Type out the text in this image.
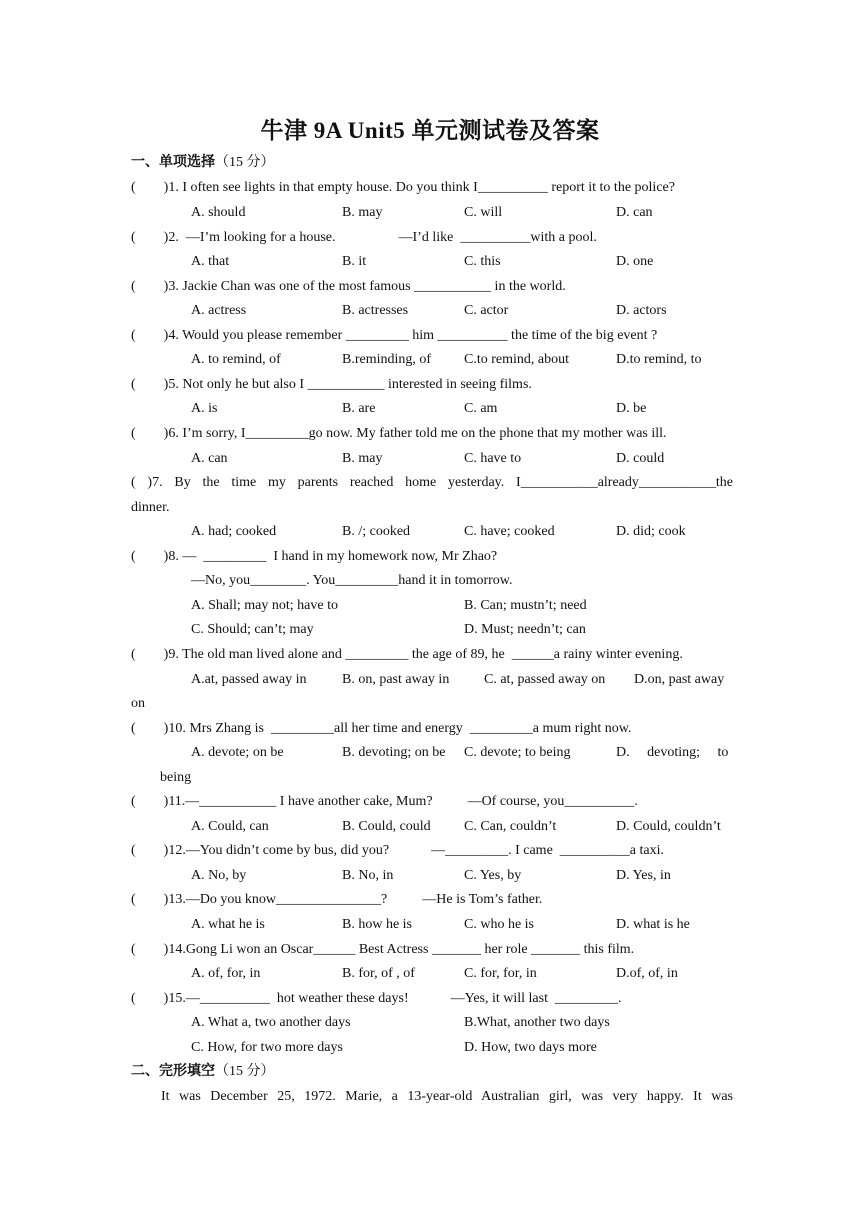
牛津 9A Unit5 单元测试卷及答案
一、单项选择（15 分）
(        )1. I often see lights in that empty house. Do you think I__________ report it to the police?
A. should	B. may	C. will	D. can
(        )2.  —I’m looking for a house.                  —I’d like  __________with a pool.
A. that	B. it	C. this	D. one
(        )3. Jackie Chan was one of the most famous ___________ in the world.
A. actress	B. actresses	C. actor	D. actors
(        )4. Would you please remember _________ him __________ the time of the big event ?
A. to remind, of	B.reminding, of C.to remind, about	D.to remind, to
(        )5. Not only he but also I ___________ interested in seeing films.
A. is	B. are	C. am	D. be
(        )6. I’m sorry, I_________go now. My father told me on the phone that my mother was ill.
A. can	B. may	C. have to	D. could
( )7. By the time my parents reached home yesterday. I___________already___________the
dinner.
A. had; cooked	B. /; cooked	C. have; cooked	D. did; cook
(        )8. —  _________  I hand in my homework now, Mr Zhao?
—No, you________. You_________hand it in tomorrow.
A. Shall; may not; have to	B. Can; mustn’t; need
C. Should; can’t; may	D. Must; needn’t; can
(        )9. The old man lived alone and _________ the age of 89, he  ______a rainy winter evening.
A.at, passed away in	B. on, past away in C. at, passed away on D.on, past away
on
(        )10. Mrs Zhang is  _________all her time and energy  _________a mum right now.
A. devote; on be	B. devoting; on be C. devote; to being	D.     devoting;     to
being
(        )11.—___________ I have another cake, Mum?          —Of course, you__________.
A. Could, can	B. Could, could C. Can, couldn’t	D. Could, couldn’t
(        )12.—You didn’t come by bus, did you?            —_________. I came  __________a taxi.
A. No, by	B. No, in	C. Yes, by	D. Yes, in
(        )13.—Do you know_______________?          —He is Tom’s father.
A. what he is	B. how he is	C. who he is	D. what is he
(        )14.Gong Li won an Oscar______ Best Actress _______ her role _______ this film.
A. of, for, in	B. for, of , of	C. for, for, in	D.of, of, in
(        )15.—__________  hot weather these days!            —Yes, it will last  _________.
A. What a, two another days	B.What, another two days
C. How, for two more days	D. How, two days more
二、完形填空（15 分）
It was December 25, 1972. Marie, a 13-year-old Australian girl, was very happy. It was
